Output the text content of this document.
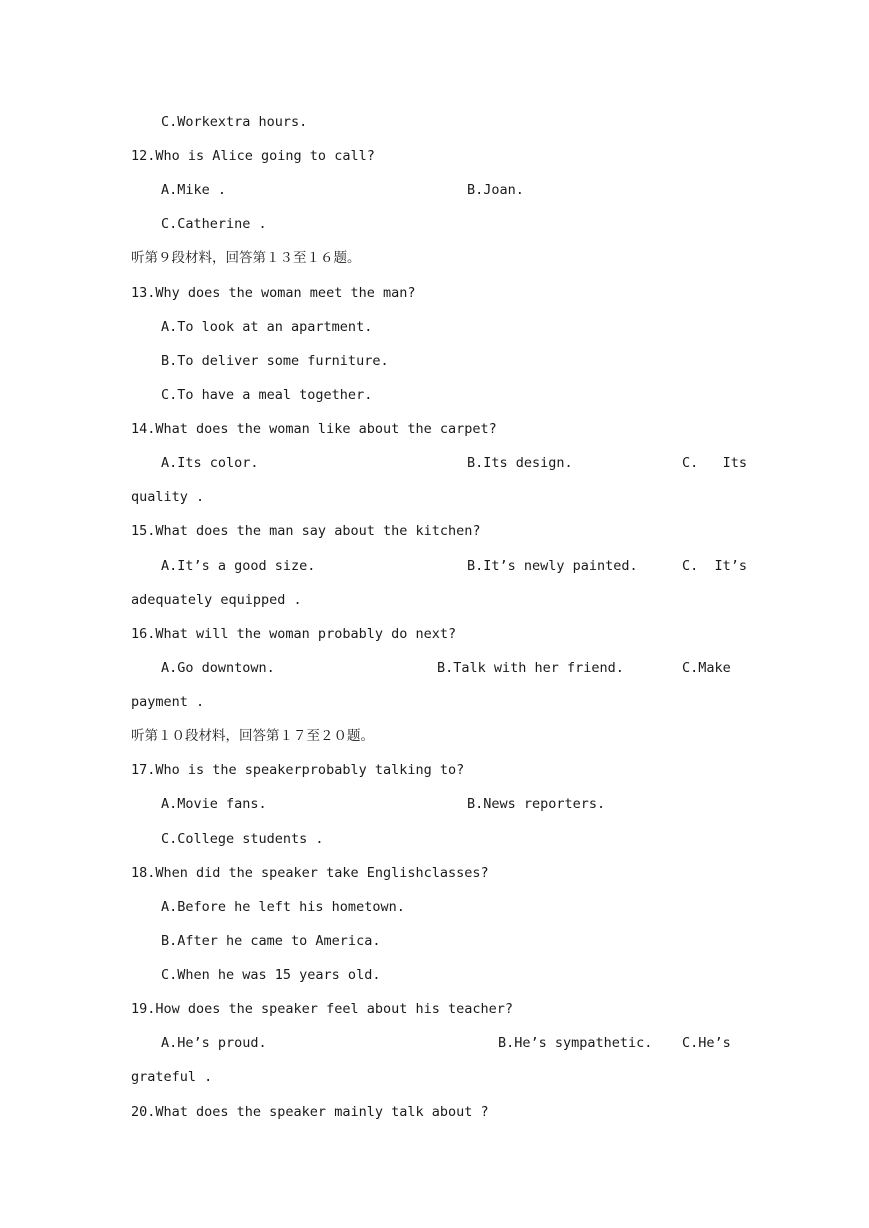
C.Workextra hours.
12.Who is Alice going to call?
A.Mike .	B.Joan.
C.Catherine .
听第９段材料，回答第１３至１６题。
13.Why does the woman meet the man?
A.To look at an apartment.
B.To deliver some furniture.
C.To have a meal together.
14.What does the woman like about the carpet?
A.Its color.	B.Its design.	C.   Its
quality .
15.What does the man say about the kitchen?
A.It’s a good size.	B.It’s newly painted.	C.  It’s
adequately equipped .
16.What will the woman probably do next?
A.Go downtown.	B.Talk with her friend.	C.Make
payment .
听第１０段材料，回答第１７至２０题。
17.Who is the speakerprobably talking to?
A.Movie fans.	B.News reporters.
C.College students .
18.When did the speaker take Englishclasses?
A.Before he left his hometown.
B.After he came to America.
C.When he was 15 years old.
19.How does the speaker feel about his teacher?
A.He’s proud.	B.He’s sympathetic. C.He’s
grateful .
20.What does the speaker mainly talk about ?
